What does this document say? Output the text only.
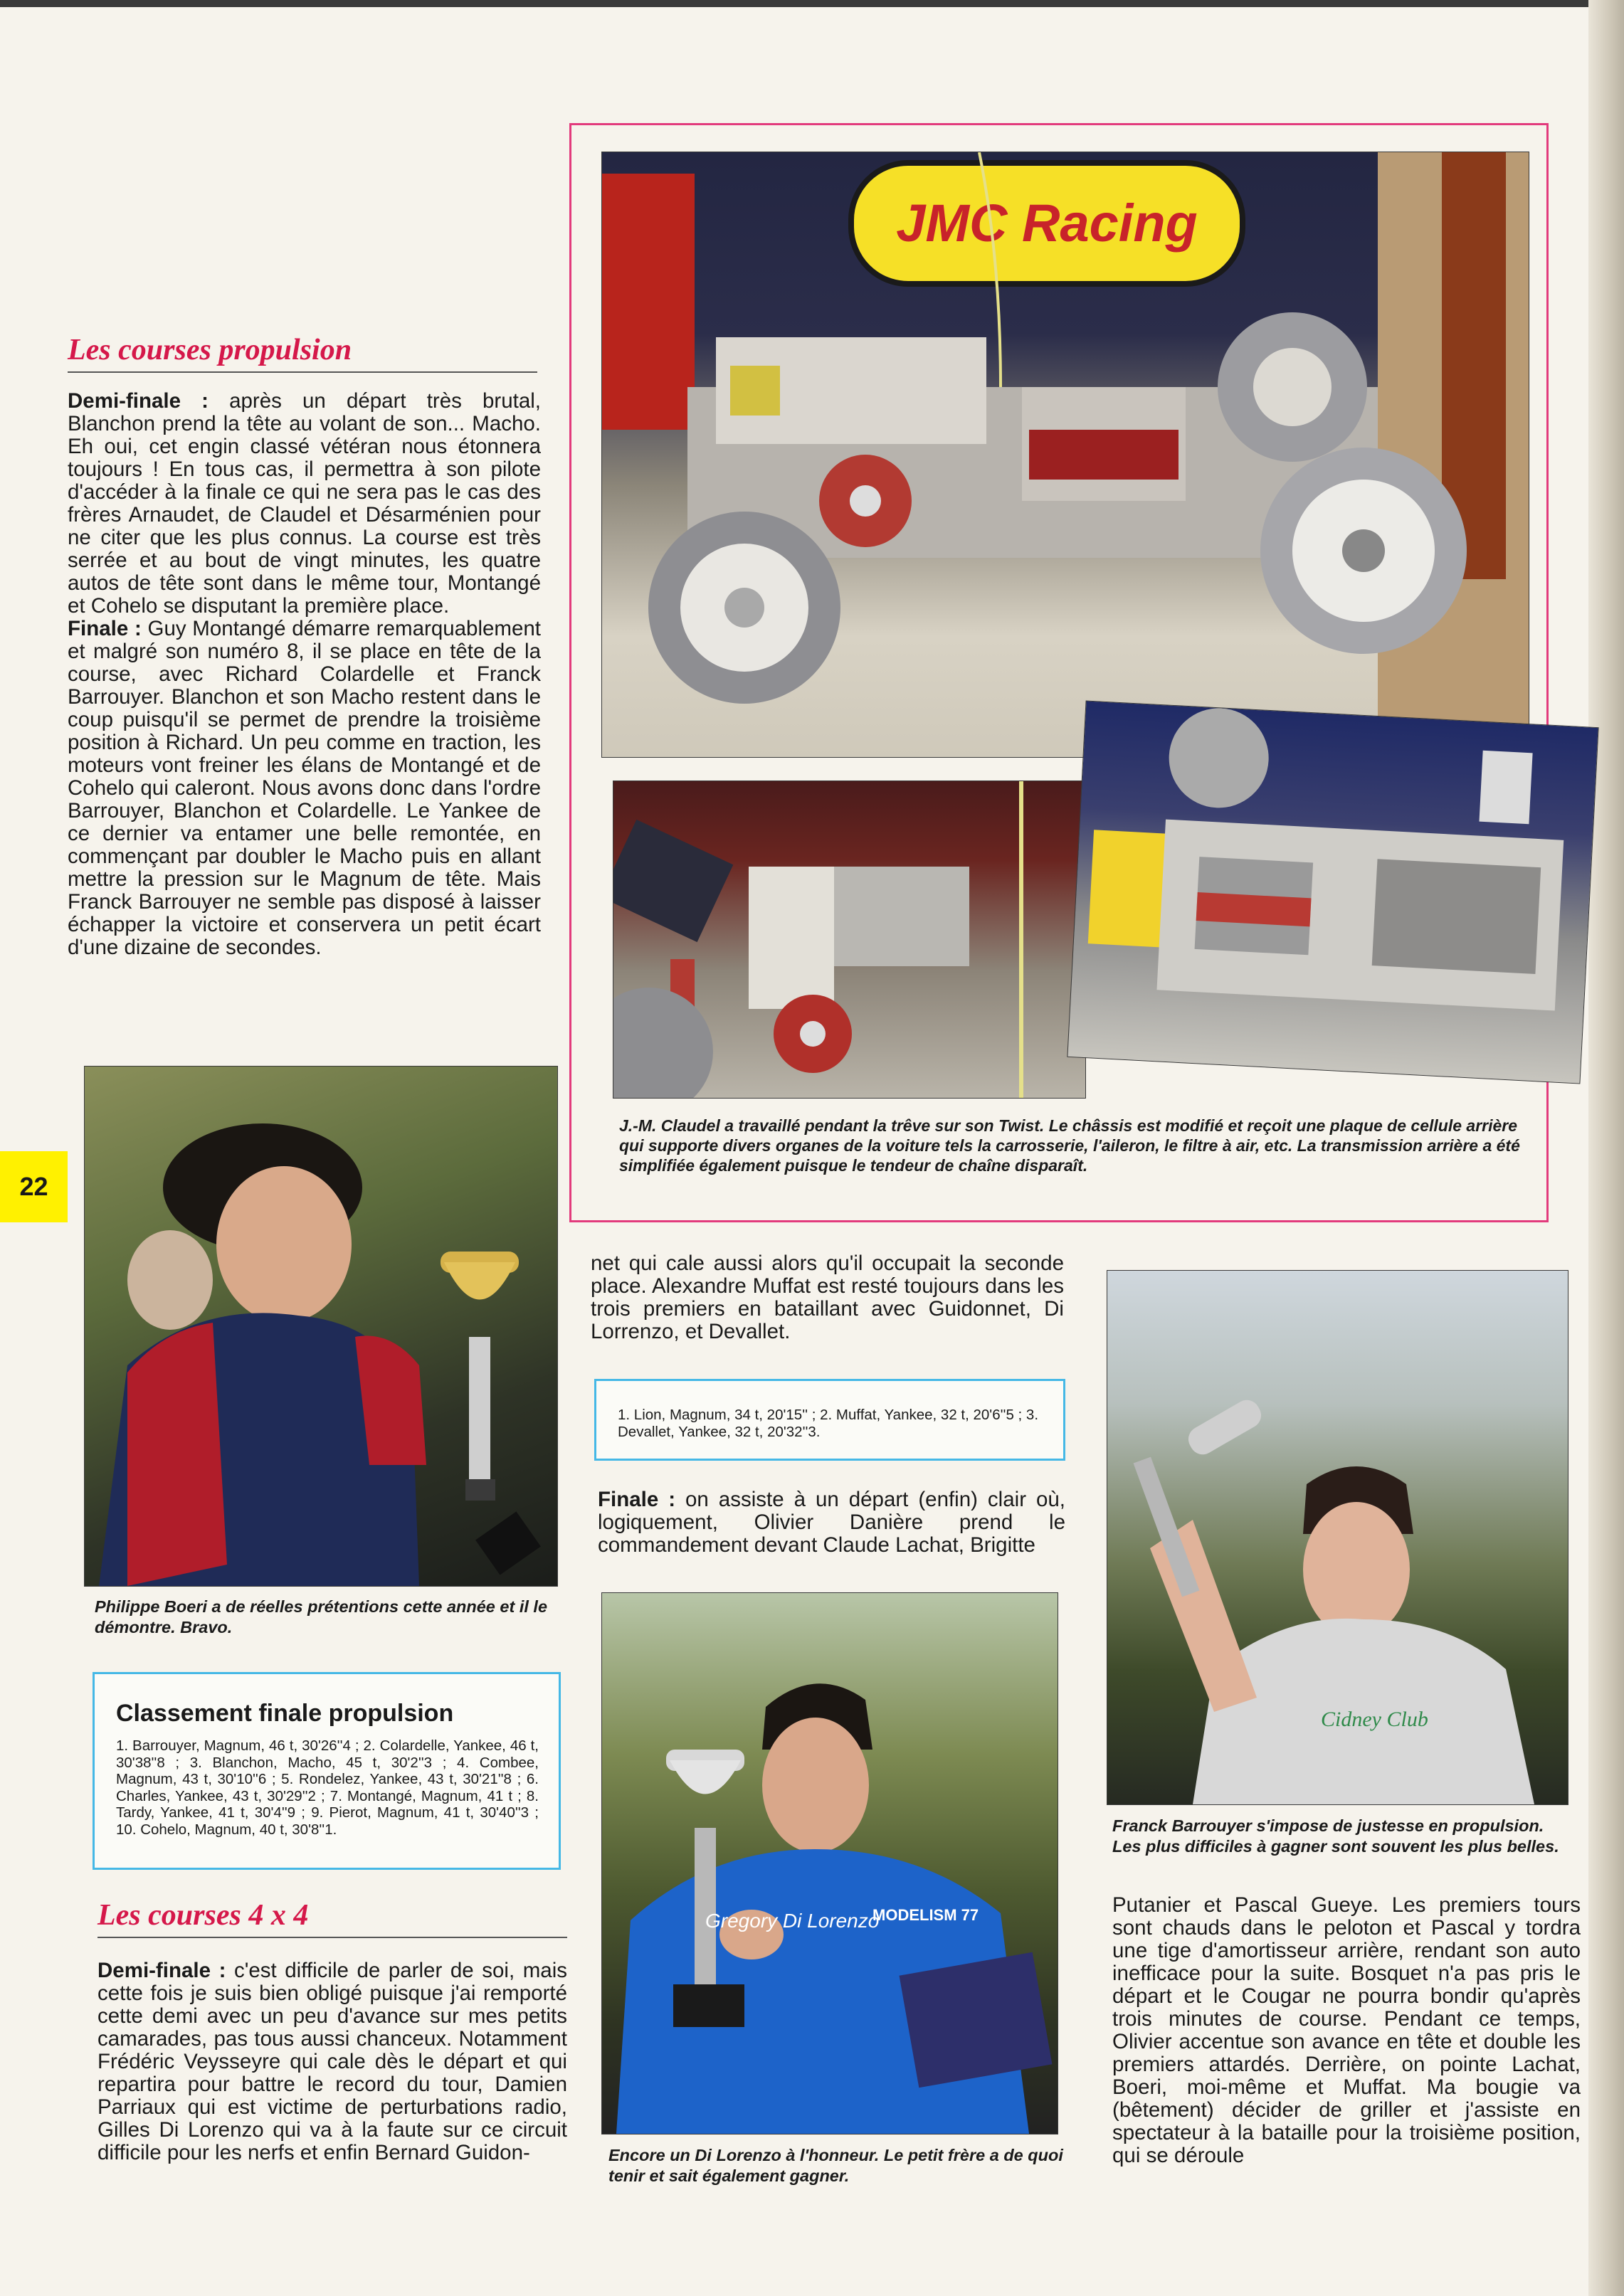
Les courses propulsion

Demi-finale : après un départ très brutal, Blanchon prend la tête au volant de son... Macho. Eh oui, cet engin classé vétéran nous étonnera toujours ! En tous cas, il permettra à son pilote d'accéder à la finale ce qui ne sera pas le cas des frères Arnaudet, de Claudel et Désarménien pour ne citer que les plus connus. La course est très serrée et au bout de vingt minutes, les quatre autos de tête sont dans le même tour, Montangé et Cohelo se disputant la première place.

Finale : Guy Montangé démarre remarquablement et malgré son numéro 8, il se place en tête de la course, avec Richard Colardelle et Franck Barrouyer. Blanchon et son Macho restent dans le coup puisqu'il se permet de prendre la troisième position à Richard. Un peu comme en traction, les moteurs vont freiner les élans de Montangé et de Cohelo qui caleront. Nous avons donc dans l'ordre Barrouyer, Blanchon et Colardelle. Le Yankee de ce dernier va entamer une belle remontée, en commençant par doubler le Macho puis en allant mettre la pression sur le Magnum de tête. Mais Franck Barrouyer ne semble pas disposé à laisser échapper la victoire et conservera un petit écart d'une dizaine de secondes.

22

Philippe Boeri a de réelles prétentions cette année et il le démontre. Bravo.

Classement finale propulsion
1. Barrouyer, Magnum, 46 t, 30'26''4 ; 2. Colardelle, Yankee, 46 t, 30'38''8 ; 3. Blanchon, Macho, 45 t, 30'2''3 ; 4. Combee, Magnum, 43 t, 30'10''6 ; 5. Rondelez, Yankee, 43 t, 30'21''8 ; 6. Charles, Yankee, 43 t, 30'29''2 ; 7. Montangé, Magnum, 41 t ; 8. Tardy, Yankee, 41 t, 30'4''9 ; 9. Pierot, Magnum, 41 t, 30'40''3 ; 10. Cohelo, Magnum, 40 t, 30'8''1.
Les courses 4 x 4

Demi-finale : c'est difficile de parler de soi, mais cette fois je suis bien obligé puisque j'ai remporté cette demi avec un peu d'avance sur mes petits camarades, pas tous aussi chanceux. Notamment Frédéric Veysseyre qui cale dès le départ et qui repartira pour battre le record du tour, Damien Parriaux qui est victime de perturbations radio, Gilles Di Lorenzo qui va à la faute sur ce circuit difficile pour les nerfs et enfin Bernard Guidon-

JMC Racing

J.-M. Claudel a travaillé pendant la trêve sur son Twist. Le châssis est modifié et reçoit une plaque de cellule arrière qui supporte divers organes de la voiture tels la carrosserie, l'aileron, le filtre à air, etc. La transmission arrière a été simplifiée également puisque le tendeur de chaîne disparaît.

net qui cale aussi alors qu'il occupait la seconde place. Alexandre Muffat est resté toujours dans les trois premiers en bataillant avec Guidonnet, Di Lorrenzo, et Devallet.

1. Lion, Magnum, 34 t, 20'15'' ; 2. Muffat, Yankee, 32 t, 20'6''5 ; 3. Devallet, Yankee, 32 t, 20'32''3.

Finale : on assiste à un départ (enfin) clair où, logiquement, Olivier Danière prend le commandement devant Claude Lachat, Brigitte

Gregory Di Lorenzo
MODELISM 77

Encore un Di Lorenzo à l'honneur. Le petit frère a de quoi tenir et sait également gagner.

Cidney Club

Franck Barrouyer s'impose de justesse en propulsion. Les plus difficiles à gagner sont souvent les plus belles.

Putanier et Pascal Gueye. Les premiers tours sont chauds dans le peloton et Pascal y tordra une tige d'amortisseur arrière, rendant son auto inefficace pour la suite. Bosquet n'a pas pris le départ et le Cougar ne pourra bondir qu'après trois minutes de course. Pendant ce temps, Olivier accentue son avance en tête et double les premiers attardés. Derrière, on pointe Lachat, Boeri, moi-même et Muffat. Ma bougie va (bêtement) décider de griller et j'assiste en spectateur à la bataille pour la troisième position, qui se déroule
